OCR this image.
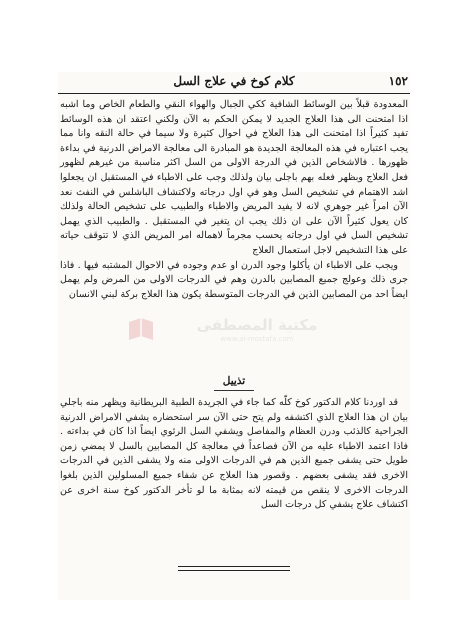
١٥٢
كلام كوخ في علاج السل

المعدودة قبلاً بين الوسائط الشافية ككي الجبال والهواء النقي والطعام الخاص وما اشبه اذا امتحنت الى هذا العلاج الجديد لا يمكن الحكم به الآن ولكني اعتقد ان هذه الوسائط تفيد كثيراً اذا امتحنت الى هذا العلاج في احوال كثيرة ولا سيما في حالة النقه وانا مما يجب اعتباره في هذه المعالجة الجديدة هو المبادرة الى معالجة الامراض الدرنية في بداءة ظهورها . فالاشخاص الذين في الدرجة الاولى من السل اكثر مناسبة من غيرهم لظهور فعل العلاج وبظهر فعله بهم باجلى بيان ولذلك وجب على الاطباء في المستقبل ان يجعلوا اشد الاهتمام في تشخيص السل وهو في اول درجاته ولاكتشاف الباشلس في النفث نعد الآن امراً غير جوهري لانه لا يفيد المريض والاطباء والطبيب على تشخيص الحالة ولذلك كان يعول كثيراً الآن على ان ذلك يجب ان يتغير في المستقبل . والطبيب الذي يهمل تشخيص السل في اول درجاته يحسب مجرماً لاهماله امر المريض الذي لا تتوقف حياته على هذا التشخيص لاجل استعمال العلاج

ويجب على الاطباء ان يأكلوا وجود الدرن او عدم وجوده في الاحوال المشتبه فيها . فاذا جرى ذلك وعولج جميع المصابين بالدرن وهم في الدرجات الاولى من المرض ولم يهمل ايضاً احد من المصابين الذين في الدرجات المتوسطة يكون هذا العلاج بركة لبني الانسان

مكتبة المصطفى
www.al-mostafa.com
تذييل

قد اوردنا كلام الدكتور كوخ كلّه كما جاء في الجريدة الطبية البريطانية ويظهر منه باجلي بيان ان هذا العلاج الذي اكتشفه ولم يتح حتى الآن سر استحضاره يشفي الامراض الدرنية الجراحية كالذئب ودرن العظام والمفاصل ويشفي السل الرئوي ايضاً اذا كان في بداءته . فاذا اعتمد الاطباء عليه من الآن فصاعداً في معالجة كل المصابين بالسل لا يمضي زمن طويل حتى يشفى جميع الذين هم في الدرجات الاولى منه ولا يشفى الذين في الدرجات الاخرى فقد يشفى بعضهم . وقصور هذا العلاج عن شفاء جميع المسلولين الذين بلغوا الدرجات الاخرى لا ينقص من قيمته لانه بمثابة ما لو تأخر الدكتور كوخ سنة اخرى عن اكتشاف علاج يشفي كل درجات السل
